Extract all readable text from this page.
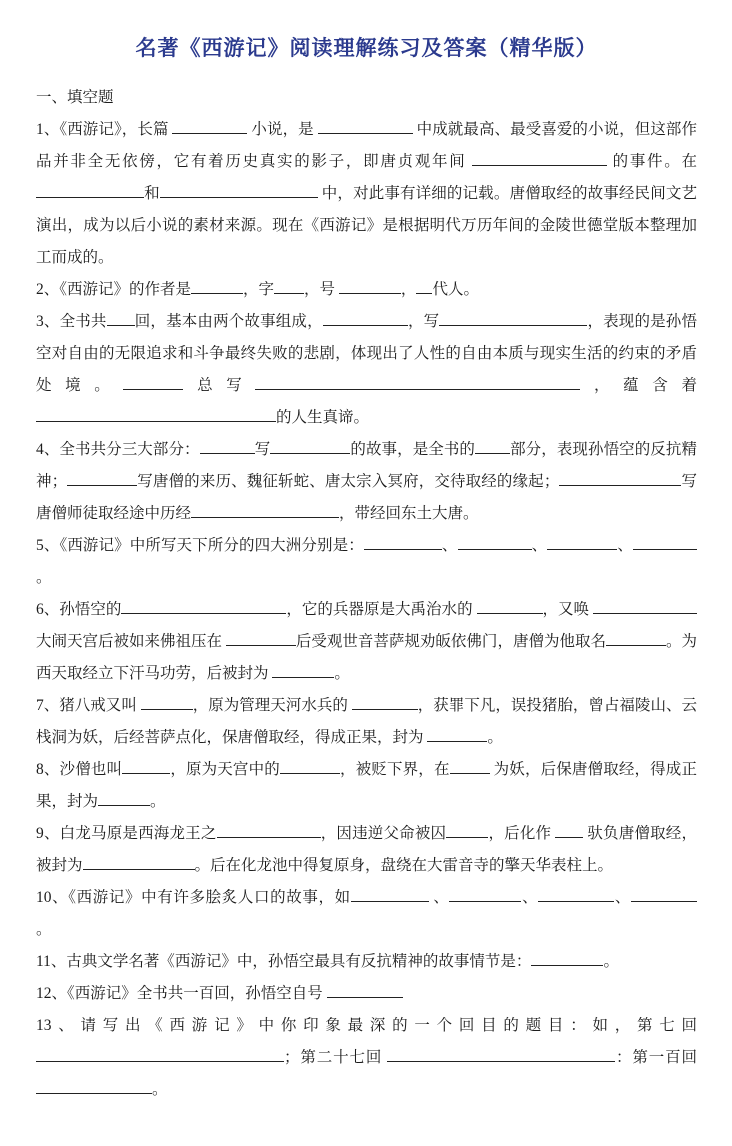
名著《西游记》阅读理解练习及答案（精华版）
一、填空题

1、《西游记》，长篇	小说，是	中成就最高、最受喜爱的小说，但这部作品并非全无依傍，它有着历史真实的影子，即唐贞观年间	的事件。在 和	中，对此事有详细的记载。唐僧取经的故事经民间文艺演出，成为以后小说的素材来源。现在《西游记》是根据明代万历年间的金陵世德堂版本整理加工而成的。

2、《西游记》的作者是	，字 ，号	， 代人。

3、全书共 回，基本由两个故事组成，	，写	，表现的是孙悟空对自由的无限追求和斗争最终失败的悲剧，体现出了人性的自由本质与现实生活的约束的矛盾处境。	总写	，蕴含着的人生真谛。

4、全书共分三大部分：	写	的故事，是全书的 部分，表现孙悟空的反抗精神；	写唐僧的来历、魏征斩蛇、唐太宗入冥府，交待取经的缘起；	写唐僧师徒取经途中历经	，带经回东土大唐。

5、《西游记》中所写天下所分的四大洲分别是：	、	、	、。

6、孙悟空的	，它的兵器原是大禹治水的	，又唤 大闹天宫后被如来佛祖压在	后受观世音菩萨规劝皈依佛门，唐僧为他取名	。为西天取经立下汗马功劳，后被封为	。

7、猪八戒又叫	，原为管理天河水兵的	，获罪下凡，误投猪胎，曾占福陵山、云栈洞为妖，后经菩萨点化，保唐僧取经，得成正果，封为	。

8、沙僧也叫	，原为天宫中的	，被贬下界，在	为妖，后保唐僧取经，得成正果，封为	。

9、白龙马原是西海龙王之	，因违逆父命被囚	，后化作  驮负唐僧取经，被封为	。后在化龙池中得复原身，盘绕在大雷音寺的擎天华表柱上。

10、《西游记》中有许多脍炙人口的故事，如	、	、	、 。

11、古典文学名著《西游记》中，孙悟空最具有反抗精神的故事情节是：	。

12、《西游记》全书共一百回，孙悟空自号

13、请写出《西游记》中你印象最深的一个回目的题目：如，第七回 ；第二十七回	：第一百回 。
